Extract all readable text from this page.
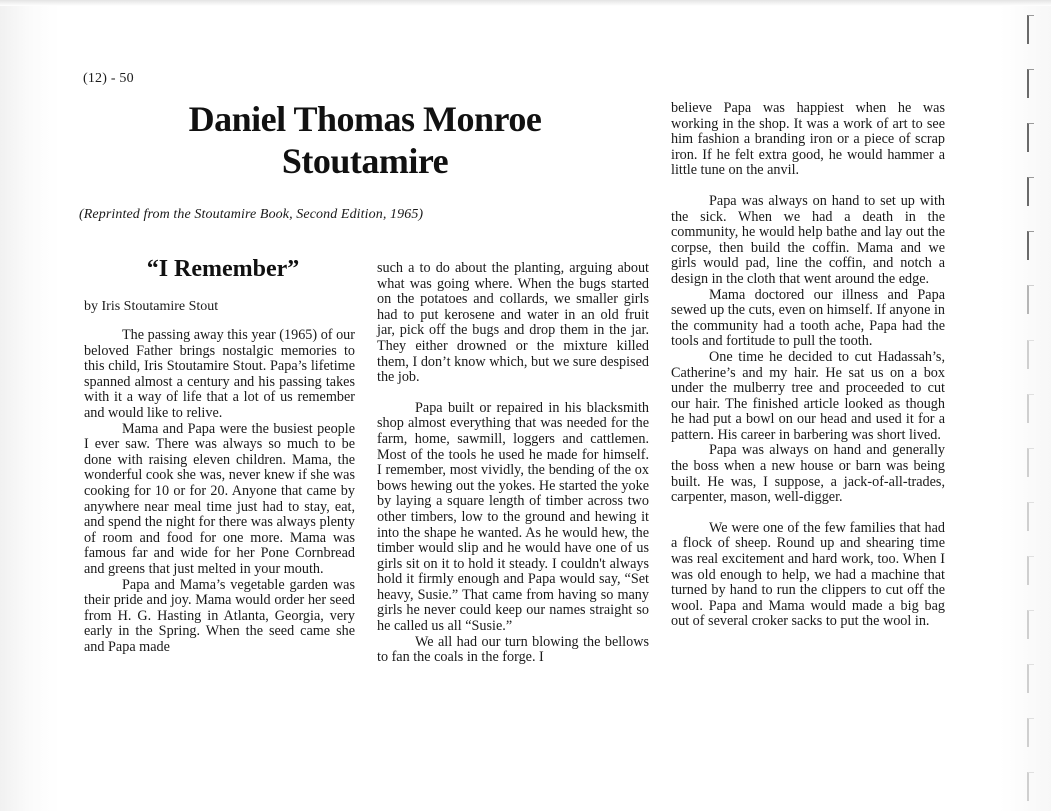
(12) - 50
Daniel Thomas Monroe
Stoutamire
(Reprinted from the Stoutamire Book, Second Edition, 1965)
“I Remember”
by Iris Stoutamire Stout

The passing away this year (1965) of our beloved Father brings nostalgic memories to this child, Iris Stoutamire Stout. Papa’s lifetime spanned almost a century and his passing takes with it a way of life that a lot of us remember and would like to relive.

Mama and Papa were the busiest people I ever saw. There was always so much to be done with raising eleven children. Mama, the wonderful cook she was, never knew if she was cooking for 10 or for 20. Anyone that came by anywhere near meal time just had to stay, eat, and spend the night for there was always plenty of room and food for one more. Mama was famous far and wide for her Pone Cornbread and greens that just melted in your mouth.

Papa and Mama’s vegetable garden was their pride and joy. Mama would order her seed from H. G. Hasting in Atlanta, Georgia, very early in the Spring. When the seed came she and Papa made

such a to do about the planting, arguing about what was going where. When the bugs started on the potatoes and collards, we smaller girls had to put kerosene and water in an old fruit jar, pick off the bugs and drop them in the jar. They either drowned or the mixture killed them, I don’t know which, but we sure despised the job.

Papa built or repaired in his blacksmith shop almost everything that was needed for the farm, home, sawmill, loggers and cattlemen. Most of the tools he used he made for himself. I remember, most vividly, the bending of the ox bows hewing out the yokes. He started the yoke by laying a square length of timber across two other timbers, low to the ground and hewing it into the shape he wanted. As he would hew, the timber would slip and he would have one of us girls sit on it to hold it steady. I couldn't always hold it firmly enough and Papa would say, “Set heavy, Susie.” That came from having so many girls he never could keep our names straight so he called us all “Susie.”

We all had our turn blowing the bellows to fan the coals in the forge. I

believe Papa was happiest when he was working in the shop. It was a work of art to see him fashion a branding iron or a piece of scrap iron. If he felt extra good, he would hammer a little tune on the anvil.

Papa was always on hand to set up with the sick. When we had a death in the community, he would help bathe and lay out the corpse, then build the coffin. Mama and we girls would pad, line the coffin, and notch a design in the cloth that went around the edge.

Mama doctored our illness and Papa sewed up the cuts, even on himself. If anyone in the community had a tooth ache, Papa had the tools and fortitude to pull the tooth.

One time he decided to cut Hadassah’s, Catherine’s and my hair. He sat us on a box under the mulberry tree and proceeded to cut our hair. The finished article looked as though he had put a bowl on our head and used it for a pattern. His career in barbering was short lived.

Papa was always on hand and generally the boss when a new house or barn was being built. He was, I suppose, a jack-of-all-trades, carpenter, mason, well-digger.

We were one of the few families that had a flock of sheep. Round up and shearing time was real excitement and hard work, too. When I was old enough to help, we had a machine that turned by hand to run the clippers to cut off the wool. Papa and Mama would made a big bag out of several croker sacks to put the wool in.
